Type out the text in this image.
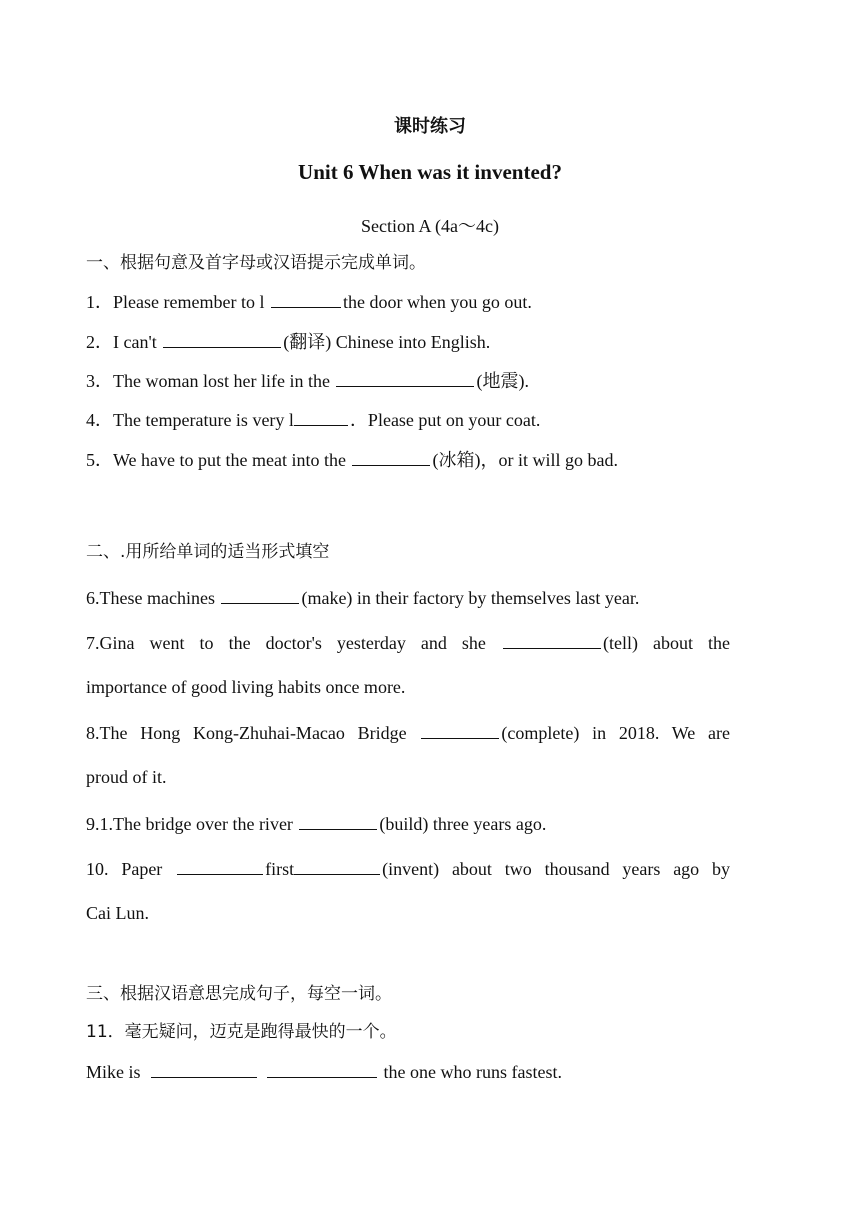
课时练习
Unit 6 When was it invented?
Section A (4a～4c)
一、根据句意及首字母或汉语提示完成单词。
1．Please remember to l	the door when you go out.
2．I can't	(翻译) Chinese into English.
3．The woman lost her life in the	(地震).
4．The temperature is very l	．Please put on your coat.
5．We have to put the meat into the	(冰箱)，or it will go bad.
二、.用所给单词的适当形式填空
6.These machines	(make) in their factory by themselves last year.
7.Gina went to the doctor's yesterday and she	(tell) about the
importance of good living habits once more.
8.The Hong Kong-Zhuhai-Macao Bridge	(complete) in 2018. We are
proud of it.
9.1.The bridge over the river	(build) three years ago.
10. Paper	first	(invent) about two thousand years ago by
Cai Lun.
三、根据汉语意思完成句子，每空一词。
11．毫无疑问，迈克是跑得最快的一个。
Mike is	the one who runs fastest.
